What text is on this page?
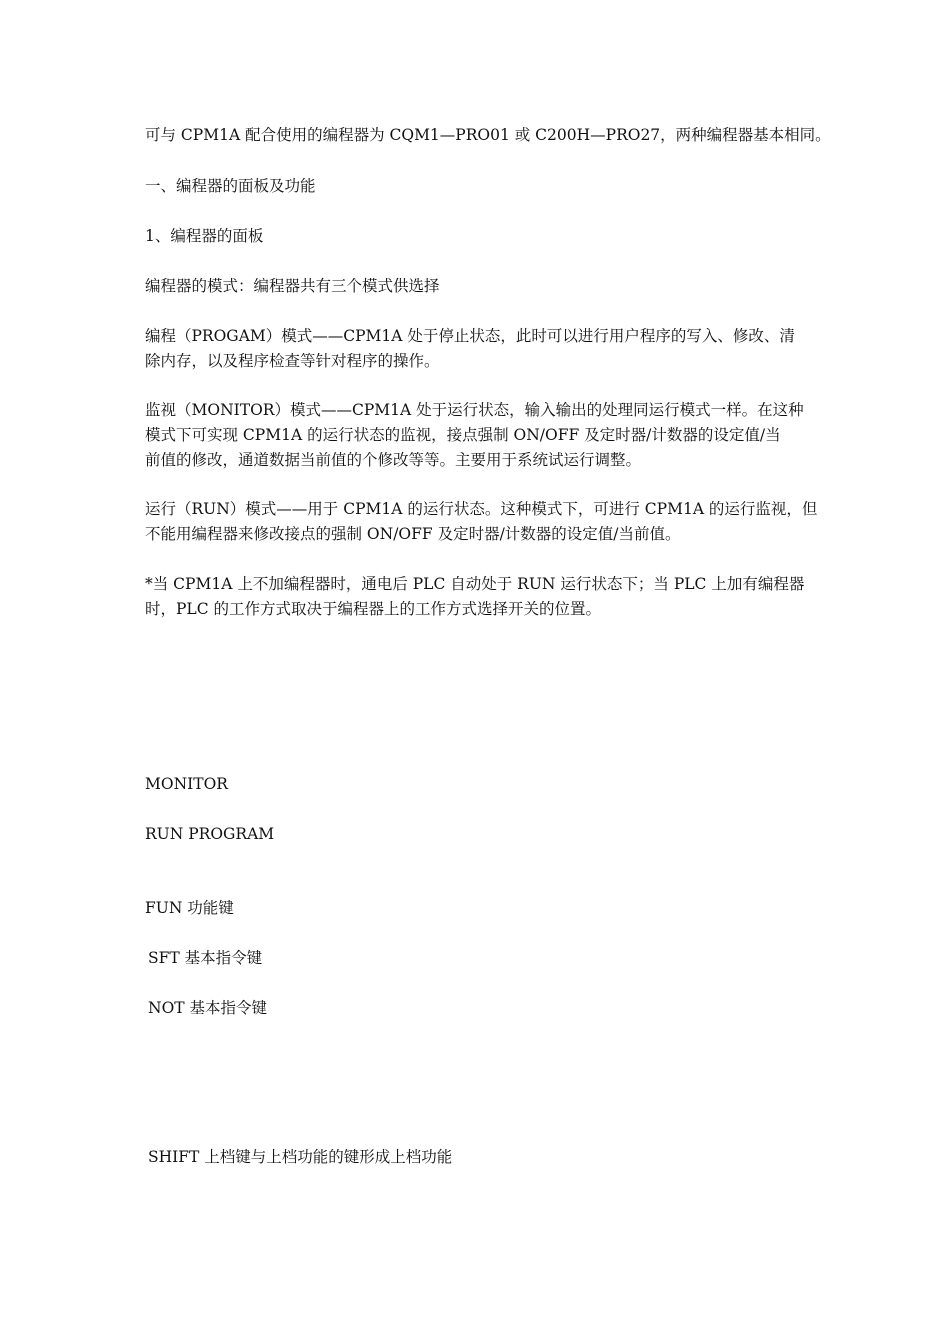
可与 CPM1A 配合使用的编程器为 CQM1—PRO01 或 C200H—PRO27，两种编程器基本相同。

一、编程器的面板及功能

1、编程器的面板

编程器的模式：编程器共有三个模式供选择

编程（PROGAM）模式——CPM1A 处于停止状态，此时可以进行用户程序的写入、修改、清
除内存，以及程序检查等针对程序的操作。

监视（MONITOR）模式——CPM1A 处于运行状态，输入输出的处理同运行模式一样。在这种
模式下可实现 CPM1A 的运行状态的监视，接点强制 ON/OFF 及定时器/计数器的设定值/当
前值的修改，通道数据当前值的个修改等等。主要用于系统试运行调整。

运行（RUN）模式——用于 CPM1A 的运行状态。这种模式下，可进行 CPM1A 的运行监视，但
不能用编程器来修改接点的强制 ON/OFF 及定时器/计数器的设定值/当前值。

*当 CPM1A 上不加编程器时，通电后 PLC 自动处于 RUN 运行状态下；当 PLC 上加有编程器
时，PLC 的工作方式取决于编程器上的工作方式选择开关的位置。

MONITOR

RUN PROGRAM

FUN 功能键

SFT 基本指令键

NOT 基本指令键

SHIFT 上档键与上档功能的键形成上档功能
